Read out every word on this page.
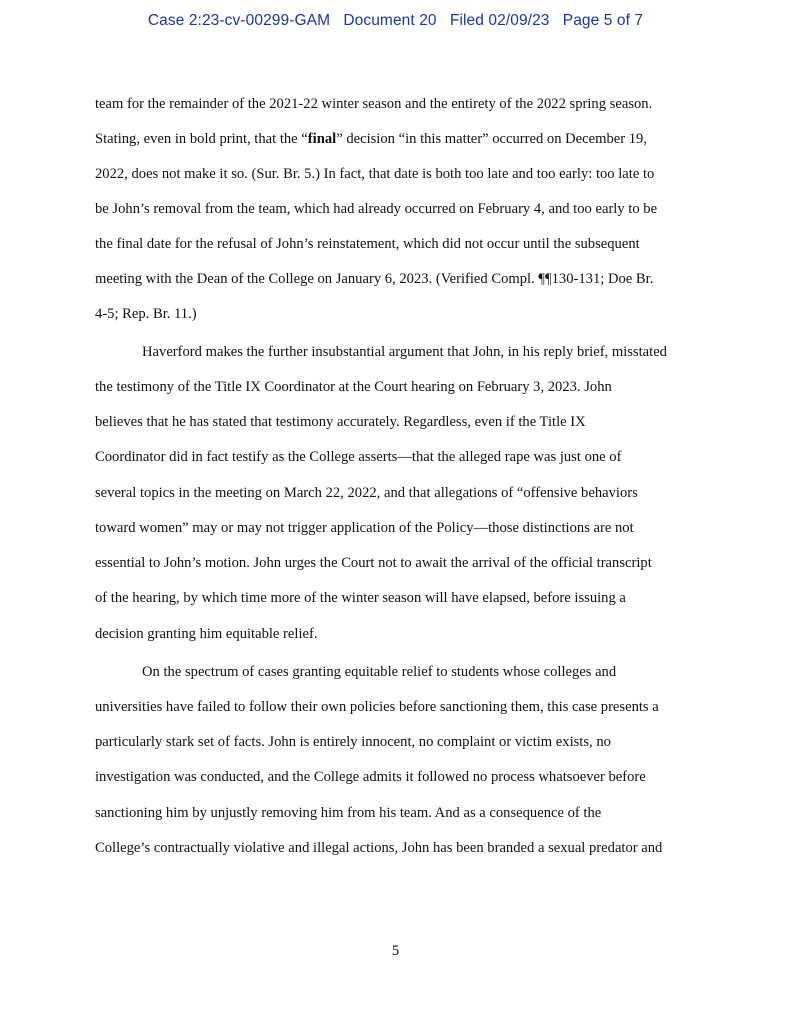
Case 2:23-cv-00299-GAM Document 20 Filed 02/09/23 Page 5 of 7
team for the remainder of the 2021-22 winter season and the entirety of the 2022 spring season.
Stating, even in bold print, that the “final” decision “in this matter” occurred on December 19,
2022, does not make it so. (Sur. Br. 5.) In fact, that date is both too late and too early: too late to
be John’s removal from the team, which had already occurred on February 4, and too early to be
the final date for the refusal of John’s reinstatement, which did not occur until the subsequent
meeting with the Dean of the College on January 6, 2023. (Verified Compl. ¶¶130-131; Doe Br.
4-5; Rep. Br. 11.)
Haverford makes the further insubstantial argument that John, in his reply brief, misstated
the testimony of the Title IX Coordinator at the Court hearing on February 3, 2023. John
believes that he has stated that testimony accurately. Regardless, even if the Title IX
Coordinator did in fact testify as the College asserts—that the alleged rape was just one of
several topics in the meeting on March 22, 2022, and that allegations of “offensive behaviors
toward women” may or may not trigger application of the Policy—those distinctions are not
essential to John’s motion. John urges the Court not to await the arrival of the official transcript
of the hearing, by which time more of the winter season will have elapsed, before issuing a
decision granting him equitable relief.
On the spectrum of cases granting equitable relief to students whose colleges and
universities have failed to follow their own policies before sanctioning them, this case presents a
particularly stark set of facts. John is entirely innocent, no complaint or victim exists, no
investigation was conducted, and the College admits it followed no process whatsoever before
sanctioning him by unjustly removing him from his team. And as a consequence of the
College’s contractually violative and illegal actions, John has been branded a sexual predator and
5
